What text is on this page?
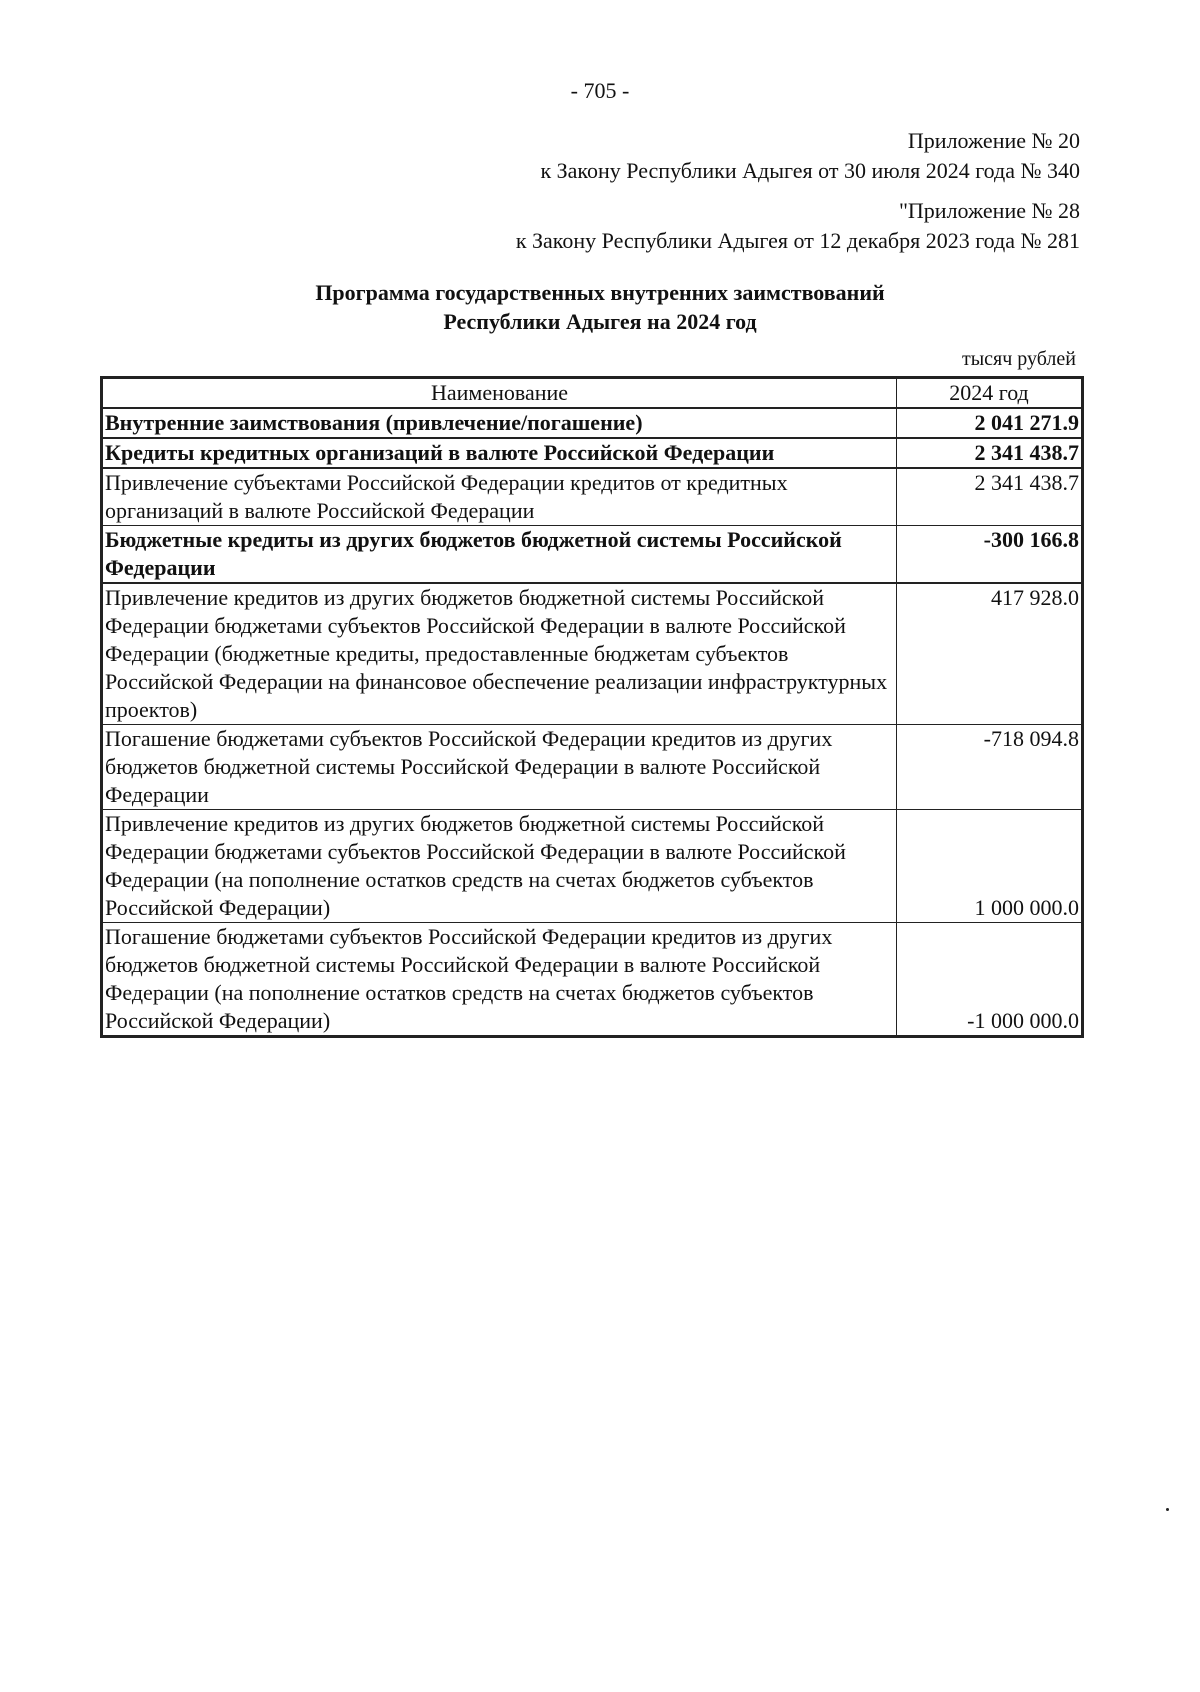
- 705 -
Приложение № 20
к Закону Республики Адыгея от 30 июля 2024 года № 340
"Приложение № 28
к Закону Республики Адыгея от 12 декабря 2023 года № 281
Программа государственных внутренних заимствований
Республики Адыгея на 2024 год
тысяч рублей
Наименование	2024 год
Внутренние заимствования (привлечение/погашение)	2 041 271.9
Кредиты кредитных организаций в валюте Российской Федерации	2 341 438.7
Привлечение субъектами Российской Федерации кредитов от кредитных организаций в валюте Российской Федерации	2 341 438.7
Бюджетные кредиты из других бюджетов бюджетной системы Российской Федерации	-300 166.8
Привлечение кредитов из других бюджетов бюджетной системы Российской Федерации бюджетами субъектов Российской Федерации в валюте Российской Федерации (бюджетные кредиты, предоставленные бюджетам субъектов Российской Федерации на финансовое обеспечение реализации инфраструктурных проектов)	417 928.0
Погашение бюджетами субъектов Российской Федерации кредитов из других бюджетов бюджетной системы Российской Федерации в валюте Российской Федерации	-718 094.8
Привлечение кредитов из других бюджетов бюджетной системы Российской Федерации бюджетами субъектов Российской Федерации в валюте Российской Федерации (на пополнение остатков средств на счетах бюджетов субъектов Российской Федерации)	1 000 000.0
Погашение бюджетами субъектов Российской Федерации кредитов из других бюджетов бюджетной системы Российской Федерации в валюте Российской Федерации (на пополнение остатков средств на счетах бюджетов субъектов Российской Федерации)	-1 000 000.0
